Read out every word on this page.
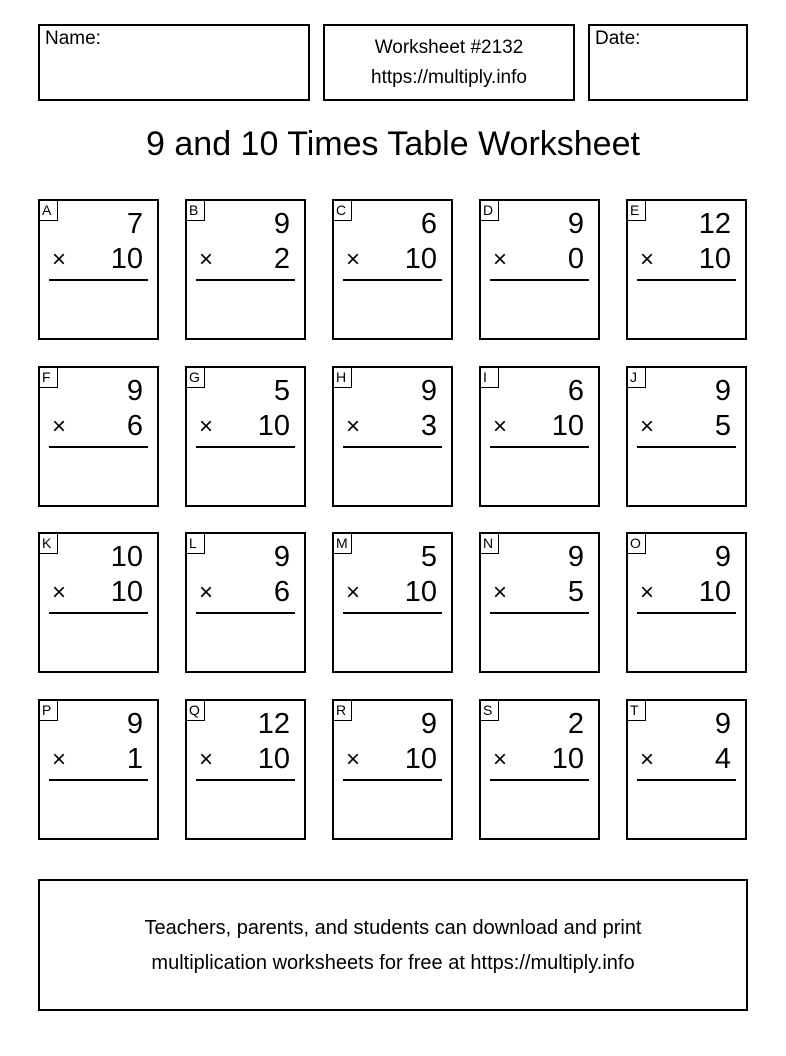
Name:	Worksheet #2132
https://multiply.info
Date:
9 and 10 Times Table Worksheet
A	7
× 10
B	9
× 2
C	6
× 10
D	9
× 0
E 12
× 10
F	9
× 6
G	5
× 10
H	9
× 3
I	6
× 10
J	9
× 5
K 10
× 10
L	9
× 6
M	5
× 10
N	9
× 5
O	9
× 10
P	9
× 1
Q 12
× 10
R	9
× 10
S	2
× 10
T	9
× 4
Teachers, parents, and students can download and print
multiplication worksheets for free at https://multiply.info
